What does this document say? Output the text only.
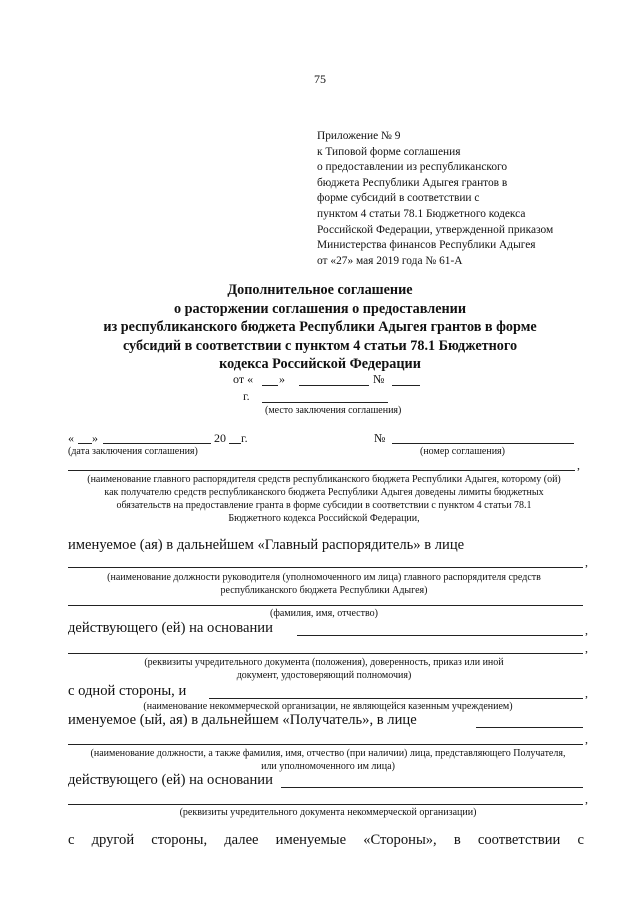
75
Приложение № 9
к Типовой форме соглашения
о предоставлении из республиканского
бюджета Республики Адыгея грантов в
форме субсидий в соответствии с
пунктом 4 статьи 78.1 Бюджетного кодекса
Российской Федерации, утвержденной приказом
Министерства финансов Республики Адыгея
от «27» мая 2019 года № 61-А
Дополнительное соглашение
о расторжении соглашения о предоставлении
из республиканского бюджета Республики Адыгея грантов в форме
субсидий в соответствии с пунктом 4 статьи 78.1 Бюджетного
кодекса Российской Федерации
от « »	№
г.
(место заключения соглашения)
« »	20 г.	№
(дата заключения соглашения)	(номер соглашения)
,
(наименование главного распорядителя средств республиканского бюджета Республики Адыгея, которому (ой)
как получателю средств республиканского бюджета Республики Адыгея доведены лимиты бюджетных
обязательств на предоставление гранта в форме субсидии в соответствии с пунктом 4 статьи 78.1
Бюджетного кодекса Российской Федерации,
именуемое (ая) в дальнейшем «Главный распорядитель» в лице
,
(наименование должности руководителя (уполномоченного им лица) главного распорядителя средств
республиканского бюджета Республики Адыгея)
(фамилия, имя, отчество)
действующего (ей) на основании	,
,
(реквизиты учредительного документа (положения), доверенность, приказ или иной
документ, удостоверяющий полномочия)
с одной стороны, и	,
(наименование некоммерческой организации, не являющейся казенным учреждением)
именуемое (ый, ая) в дальнейшем «Получатель», в лице
,
(наименование должности, а также фамилия, имя, отчество (при наличии) лица, представляющего Получателя,
или уполномоченного им лица)
действующего (ей) на основании
,
(реквизиты учредительного документа некоммерческой организации)
с другой стороны, далее именуемые «Стороны», в соответствии с
